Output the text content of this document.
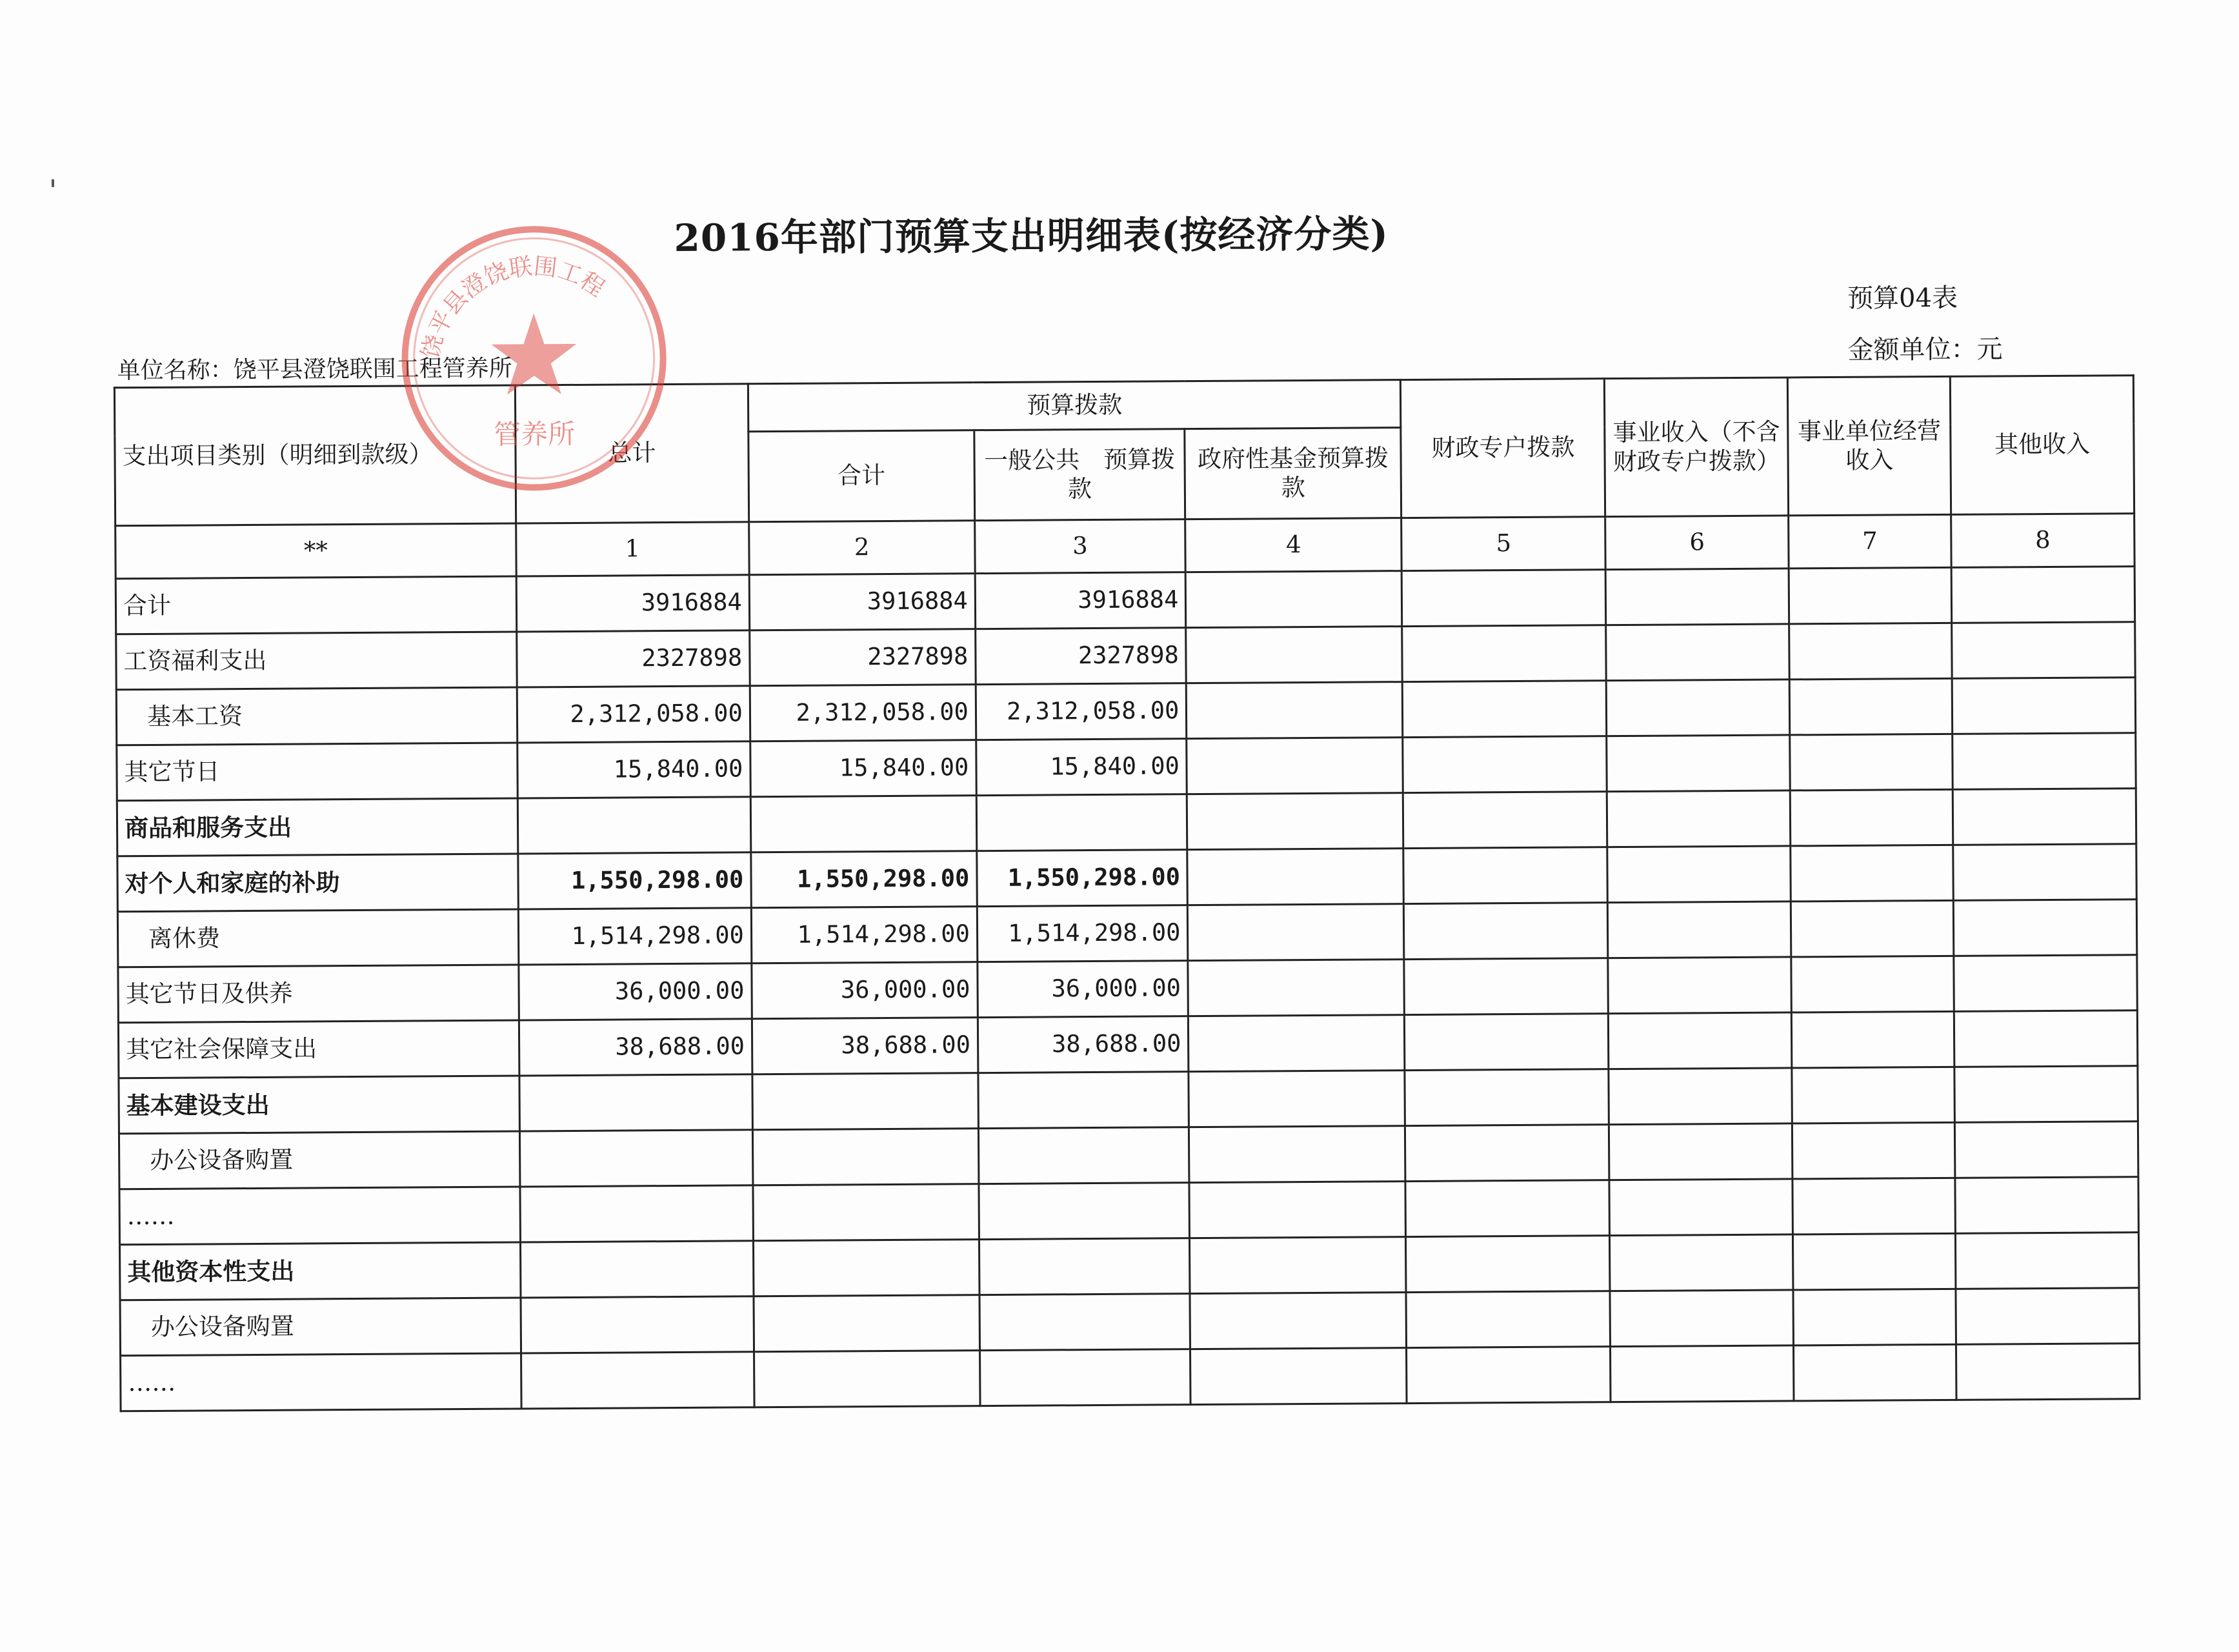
2016年部门预算支出明细表(按经济分类)
预算04表
金额单位：元
单位名称：饶平县澄饶联围工程管养所
支出项目类别（明细到款级）	总计	预算拨款			财政专户拨款	事业收入（不含财政专户拨款）	事业单位经营收入	其他收入
		合计	一般公共　预算拨款	政府性基金预算拨款				
**	1	2	3	4	5	6	7	8
合计	3916884	3916884	3916884					
工资福利支出	2327898	2327898	2327898					
基本工资	2,312,058.00	2,312,058.00	2,312,058.00					
其它节日	15,840.00	15,840.00	15,840.00					
商品和服务支出								
对个人和家庭的补助	1,550,298.00	1,550,298.00	1,550,298.00					
离休费	1,514,298.00	1,514,298.00	1,514,298.00					
其它节日及供养	36,000.00	36,000.00	36,000.00					
其它社会保障支出	38,688.00	38,688.00	38,688.00					
基本建设支出								
办公设备购置								
……								
其他资本性支出								
办公设备购置								
……								
管养所
饶平县澄饶联围工程
